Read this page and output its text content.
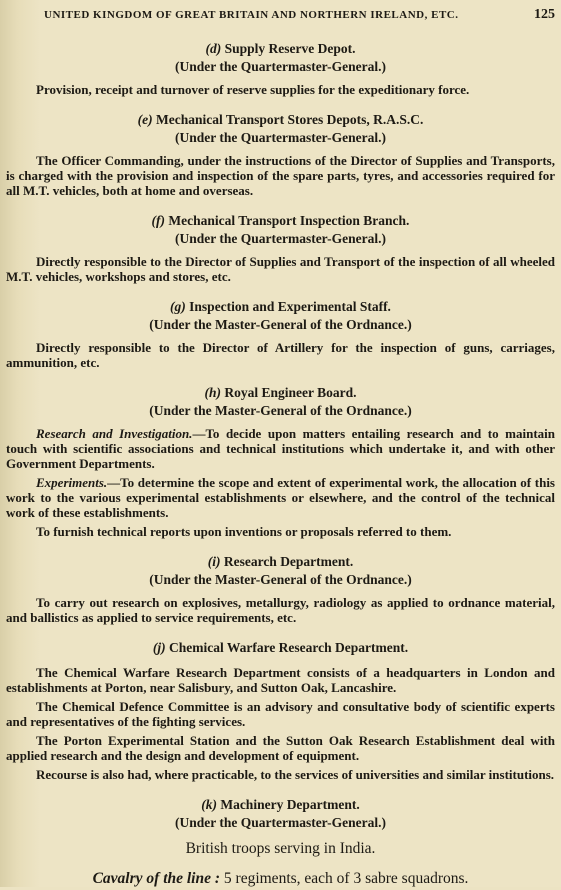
UNITED KINGDOM OF GREAT BRITAIN AND NORTHERN IRELAND, ETC.	125

(d) Supply Reserve Depot.

(Under the Quartermaster-General.)

Provision, receipt and turnover of reserve supplies for the expeditionary force.

(e) Mechanical Transport Stores Depots, R.A.S.C.

(Under the Quartermaster-General.)

The Officer Commanding, under the instructions of the Director of Supplies and Transports, is charged with the provision and inspection of the spare parts, tyres, and accessories required for all M.T. vehicles, both at home and overseas.

(f) Mechanical Transport Inspection Branch.

(Under the Quartermaster-General.)

Directly responsible to the Director of Supplies and Transport of the inspection of all wheeled M.T. vehicles, workshops and stores, etc.

(g) Inspection and Experimental Staff.

(Under the Master-General of the Ordnance.)

Directly responsible to the Director of Artillery for the inspection of guns, carriages, ammunition, etc.

(h) Royal Engineer Board.

(Under the Master-General of the Ordnance.)

Research and Investigation.—To decide upon matters entailing research and to maintain touch with scientific associations and technical institutions which undertake it, and with other Government Departments.

Experiments.—To determine the scope and extent of experimental work, the allocation of this work to the various experimental establishments or elsewhere, and the control of the technical work of these establishments.

To furnish technical reports upon inventions or proposals referred to them.

(i) Research Department.

(Under the Master-General of the Ordnance.)

To carry out research on explosives, metallurgy, radiology as applied to ordnance material, and ballistics as applied to service requirements, etc.

(j) Chemical Warfare Research Department.

The Chemical Warfare Research Department consists of a headquarters in London and establishments at Porton, near Salisbury, and Sutton Oak, Lancashire.

The Chemical Defence Committee is an advisory and consultative body of scientific experts and representatives of the fighting services.

The Porton Experimental Station and the Sutton Oak Research Establishment deal with applied research and the design and development of equipment.

Recourse is also had, where practicable, to the services of universities and similar institutions.

(k) Machinery Department.

(Under the Quartermaster-General.)

British troops serving in India.

Cavalry of the line : 5 regiments, each of 3 sabre squadrons.
